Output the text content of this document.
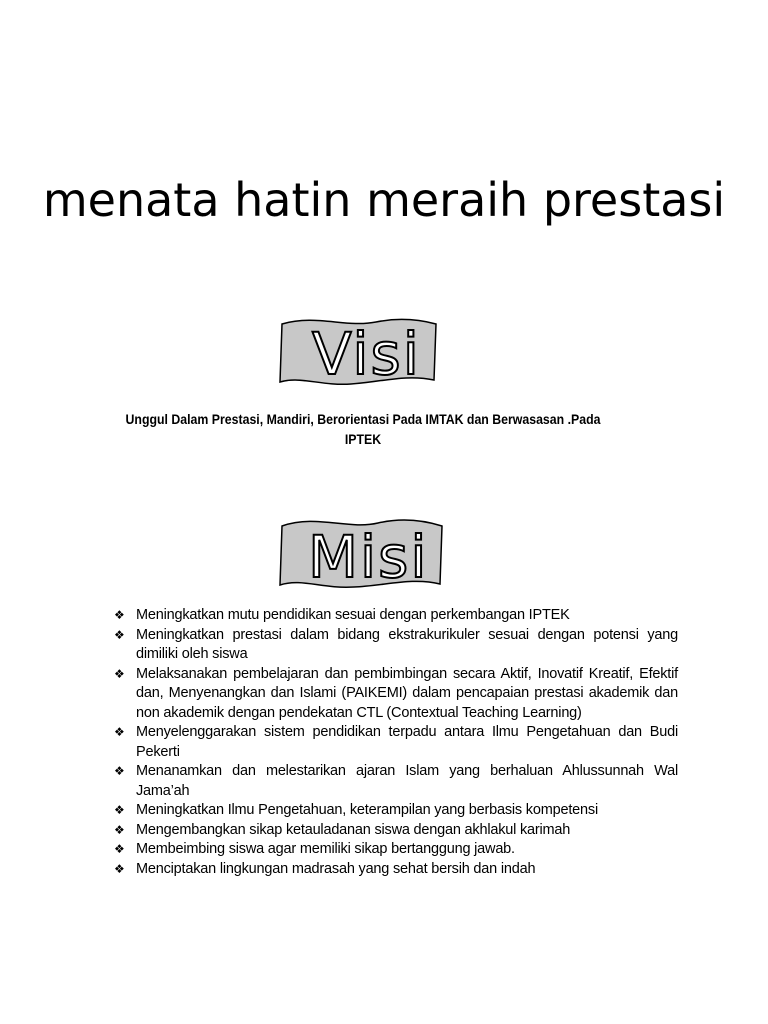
menata hatin meraih prestasi
Visi
Unggul Dalam Prestasi, Mandiri, Berorientasi Pada IMTAK dan Berwasasan .Pada IPTEK
Misi
❖ Meningkatkan mutu pendidikan sesuai dengan perkembangan IPTEK
❖ Meningkatkan prestasi dalam bidang ekstrakurikuler sesuai dengan potensi yang dimiliki oleh siswa
❖ Melaksanakan pembelajaran dan pembimbingan secara Aktif, Inovatif Kreatif, Efektif dan, Menyenangkan dan Islami (PAIKEMI) dalam pencapaian prestasi akademik dan non akademik dengan pendekatan CTL (Contextual Teaching Learning)
❖ Menyelenggarakan sistem pendidikan terpadu antara Ilmu Pengetahuan dan Budi Pekerti
❖ Menanamkan dan melestarikan ajaran Islam yang berhaluan Ahlussunnah Wal Jama’ah
❖ Meningkatkan Ilmu Pengetahuan, keterampilan yang berbasis kompetensi
❖ Mengembangkan sikap ketauladanan siswa dengan akhlakul karimah
❖ Membeimbing siswa agar memiliki sikap bertanggung jawab.
❖ Menciptakan lingkungan madrasah yang sehat bersih dan indah
